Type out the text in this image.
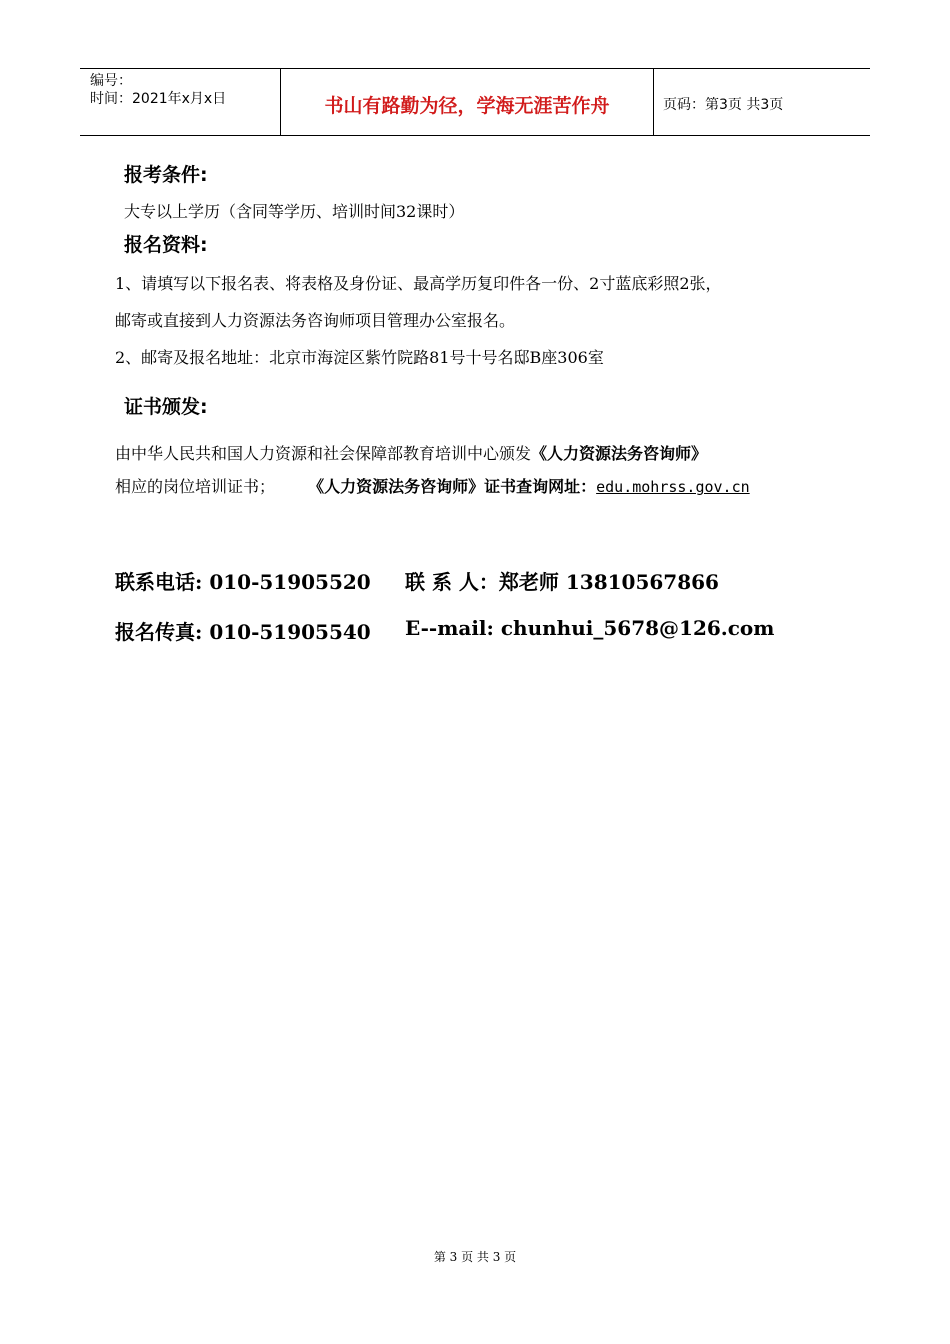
编号：
时间：2021年x月x日	书山有路勤为径，学海无涯苦作舟	页码：第3页 共3页
报考条件:
大专以上学历（含同等学历、培训时间32课时）
报名资料:
1、请填写以下报名表、将表格及身份证、最高学历复印件各一份、2寸蓝底彩照2张，
邮寄或直接到人力资源法务咨询师项目管理办公室报名。
2、邮寄及报名地址：北京市海淀区紫竹院路81号十号名邸B座306室
证书颁发:
由中华人民共和国人力资源和社会保障部教育培训中心颁发《人力资源法务咨询师》
相应的岗位培训证书； 《人力资源法务咨询师》证书查询网址：edu.mohrss.gov.cn
联系电话: 010-51905520 联 系 人：郑老师 13810567866
报名传真: 010-51905540 E--mail: chunhui_5678@126.com
第 3 页 共 3 页
